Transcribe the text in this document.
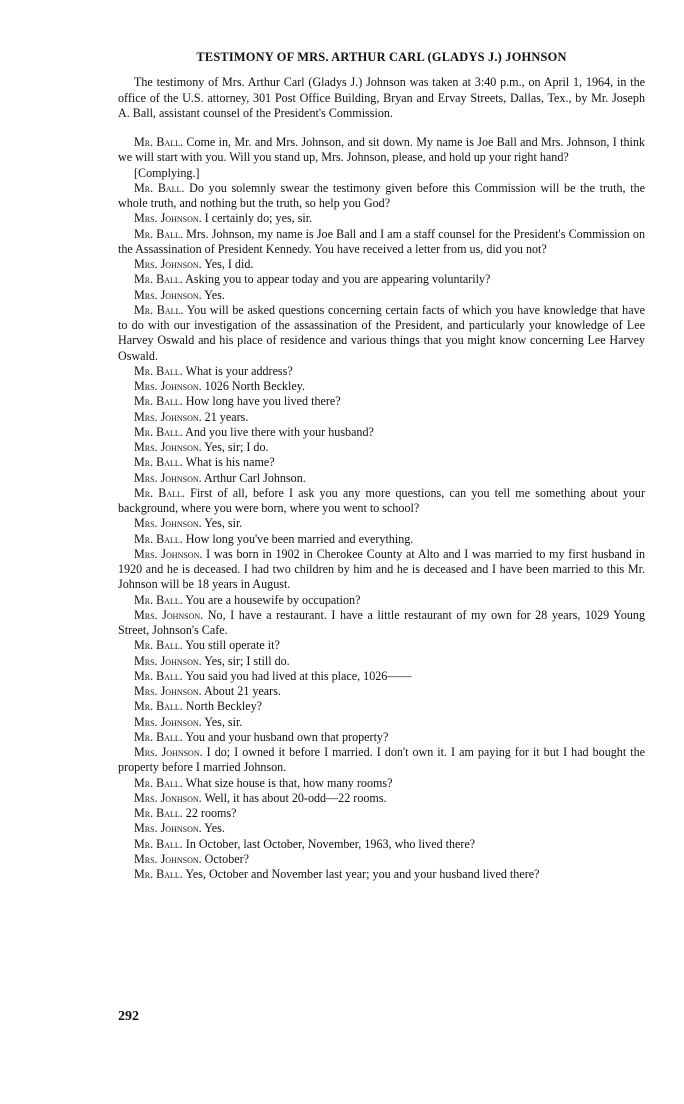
TESTIMONY OF MRS. ARTHUR CARL (GLADYS J.) JOHNSON

The testimony of Mrs. Arthur Carl (Gladys J.) Johnson was taken at 3:40 p.m., on April 1, 1964, in the office of the U.S. attorney, 301 Post Office Building, Bryan and Ervay Streets, Dallas, Tex., by Mr. Joseph A. Ball, assistant counsel of the President's Commission.

Mr. Ball. Come in, Mr. and Mrs. Johnson, and sit down. My name is Joe Ball and Mrs. Johnson, I think we will start with you. Will you stand up, Mrs. Johnson, please, and hold up your right hand?

[Complying.]

Mr. Ball. Do you solemnly swear the testimony given before this Commission will be the truth, the whole truth, and nothing but the truth, so help you God?

Mrs. Johnson. I certainly do; yes, sir.

Mr. Ball. Mrs. Johnson, my name is Joe Ball and I am a staff counsel for the President's Commission on the Assassination of President Kennedy. You have received a letter from us, did you not?

Mrs. Johnson. Yes, I did.

Mr. Ball. Asking you to appear today and you are appearing voluntarily?

Mrs. Johnson. Yes.

Mr. Ball. You will be asked questions concerning certain facts of which you have knowledge that have to do with our investigation of the assassination of the President, and particularly your knowledge of Lee Harvey Oswald and his place of residence and various things that you might know concerning Lee Harvey Oswald.

Mr. Ball. What is your address?

Mrs. Johnson. 1026 North Beckley.

Mr. Ball. How long have you lived there?

Mrs. Johnson. 21 years.

Mr. Ball. And you live there with your husband?

Mrs. Johnson. Yes, sir; I do.

Mr. Ball. What is his name?

Mrs. Johnson. Arthur Carl Johnson.

Mr. Ball. First of all, before I ask you any more questions, can you tell me something about your background, where you were born, where you went to school?

Mrs. Johnson. Yes, sir.

Mr. Ball. How long you've been married and everything.

Mrs. Johnson. I was born in 1902 in Cherokee County at Alto and I was married to my first husband in 1920 and he is deceased. I had two children by him and he is deceased and I have been married to this Mr. Johnson will be 18 years in August.

Mr. Ball. You are a housewife by occupation?

Mrs. Johnson. No, I have a restaurant. I have a little restaurant of my own for 28 years, 1029 Young Street, Johnson's Cafe.

Mr. Ball. You still operate it?

Mrs. Johnson. Yes, sir; I still do.

Mr. Ball. You said you had lived at this place, 1026——

Mrs. Johnson. About 21 years.

Mr. Ball. North Beckley?

Mrs. Johnson. Yes, sir.

Mr. Ball. You and your husband own that property?

Mrs. Johnson. I do; I owned it before I married. I don't own it. I am paying for it but I had bought the property before I married Johnson.

Mr. Ball. What size house is that, how many rooms?

Mrs. Jonhson. Well, it has about 20-odd—22 rooms.

Mr. Ball. 22 rooms?

Mrs. Johnson. Yes.

Mr. Ball. In October, last October, November, 1963, who lived there?

Mrs. Johnson. October?

Mr. Ball. Yes, October and November last year; you and your husband lived there?

292
